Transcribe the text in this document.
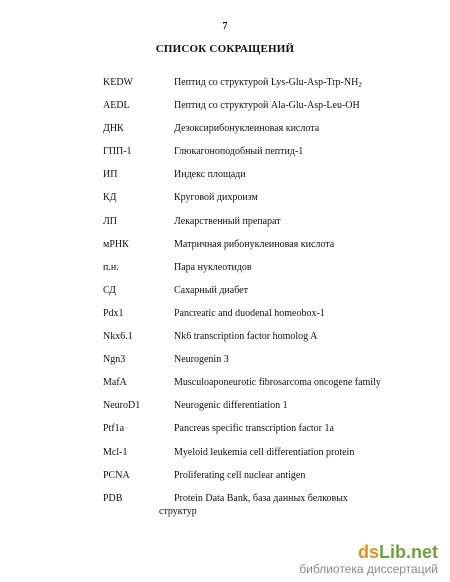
7
СПИСОК СОКРАЩЕНИЙ
KEDW	Пептид со структурой Lys-$Glu-Asp-Trp-NH_2$
AEDL	Пептид со структурой Ala-Glu-Asp-Leu-OH
ДНК	Дезоксирибонуклеиновая кислота
ГПП-1	Глюкагоноподобный пептид-1
ИП	Индекс площади
КД	Круговой дихроизм
ЛП	Лекарственный препарат
мРНК	Матричная рибонуклеиновая кислота
п.н.	Пара нуклеотидов
СД	Сахарный диабет
Pdx1	Pancreatic and duodenal homeobox-1
Nkx6.1	Nk6 transcription factor homolog A
Ngn3	Neurogenin 3
MafA	Musculoaponeurotic fibrosarcoma oncogene family
NeuroD1	Neurogenic differentiation 1
Ptf1a	Pancreas specific transcription factor 1a
Mcl-1	Myeloid leukemia cell differentiation protein
PCNA	Proliferating cell nuclear antigen
PDB	Protein Data Bank, база данных белковых
структур
dsLib.net
библиотека диссертаций
